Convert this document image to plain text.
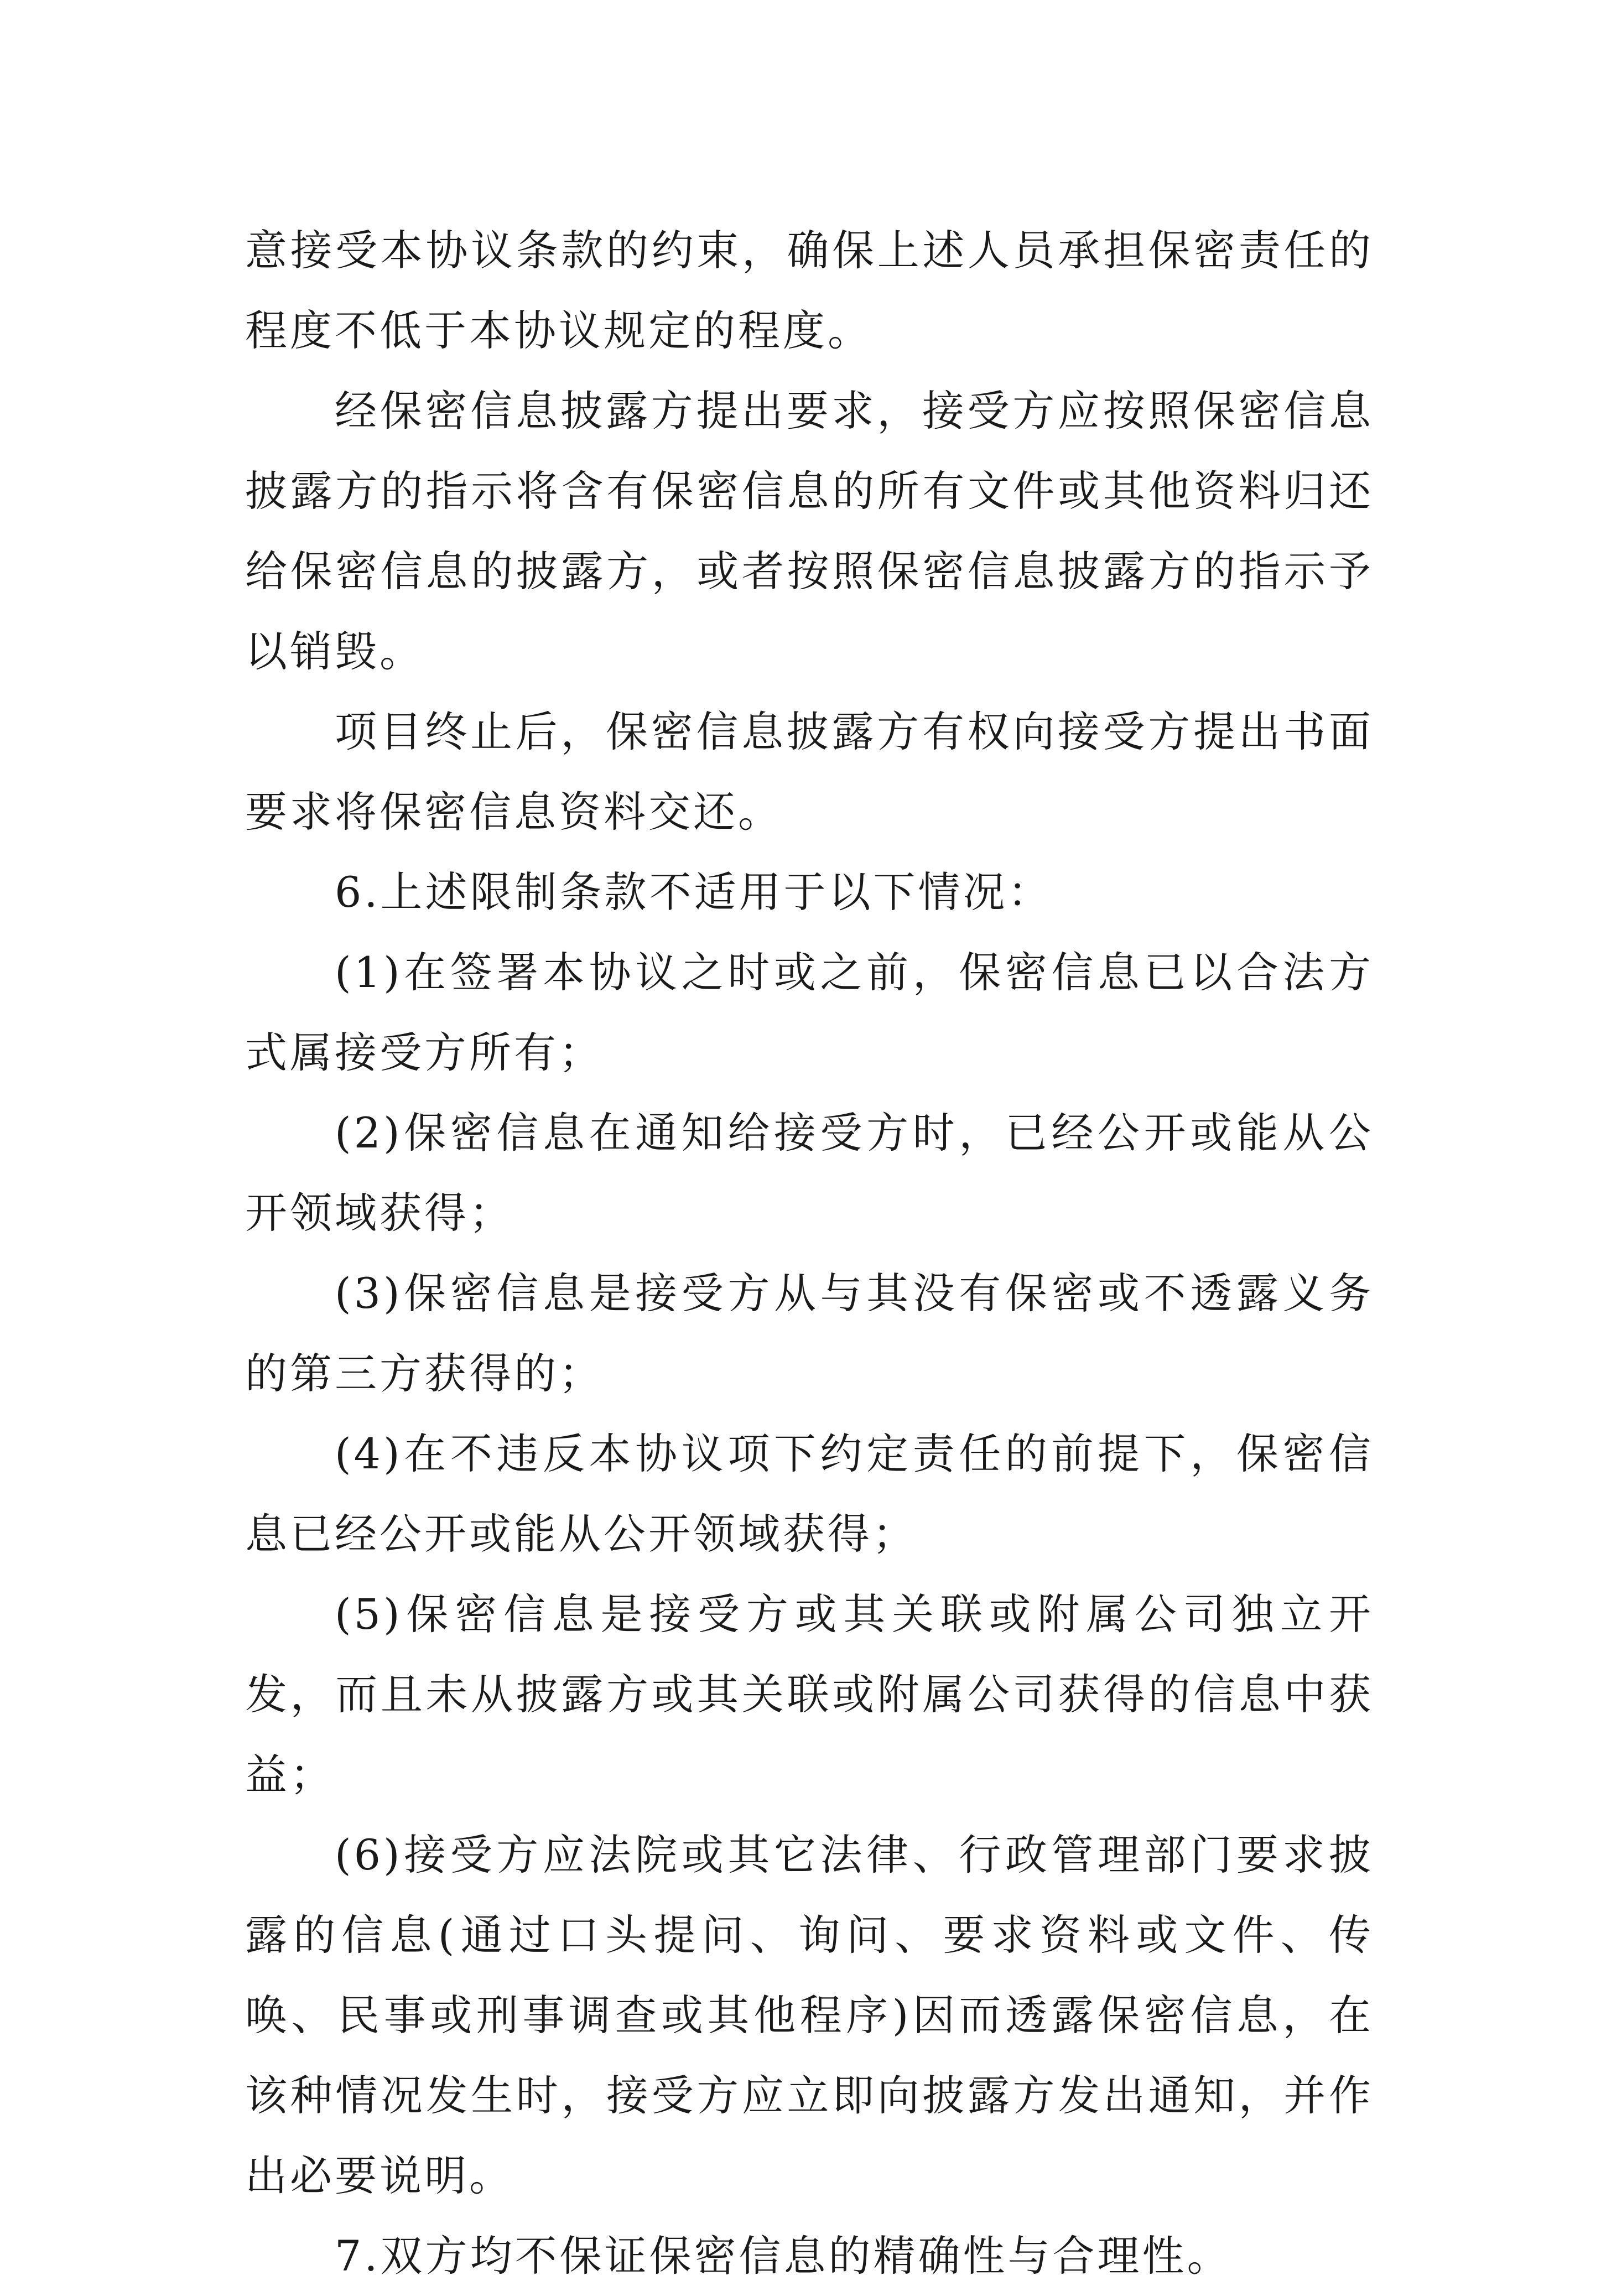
意接受本协议条款的约束，确保上述人员承担保密责任的程度不低于本协议规定的程度。

经保密信息披露方提出要求，接受方应按照保密信息披露方的指示将含有保密信息的所有文件或其他资料归还给保密信息的披露方，或者按照保密信息披露方的指示予以销毁。

项目终止后，保密信息披露方有权向接受方提出书面要求将保密信息资料交还。

6.上述限制条款不适用于以下情况：

(1)在签署本协议之时或之前，保密信息已以合法方式属接受方所有；

(2)保密信息在通知给接受方时，已经公开或能从公开领域获得；

(3)保密信息是接受方从与其没有保密或不透露义务的第三方获得的；

(4)在不违反本协议项下约定责任的前提下，保密信息已经公开或能从公开领域获得；

(5)保密信息是接受方或其关联或附属公司独立开发，而且未从披露方或其关联或附属公司获得的信息中获益；

(6)接受方应法院或其它法律、行政管理部门要求披露的信息(通过口头提问、询问、要求资料或文件、传唤、民事或刑事调查或其他程序)因而透露保密信息，在该种情况发生时，接受方应立即向披露方发出通知，并作出必要说明。

7.双方均不保证保密信息的精确性与合理性。
